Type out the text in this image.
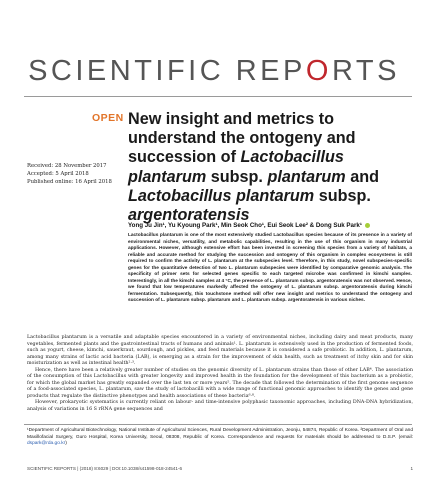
SCIENTIFIC REPORTS
OPEN New insight and metrics to
understand the ontogeny and
succession of Lactobacillus
plantarum subsp. plantarum and
Lactobacillus plantarum subsp.
argentoratensis
Received: 28 November 2017
Accepted: 5 April 2018
Published online: 16 April 2018
Yong Ju Jin¹, Yu Kyoung Park¹, Min Seok Cho¹, Eui Seok Lee² & Dong Suk Park¹
Lactobacillus plantarum is one of the most extensively studied Lactobacillus species because of its presence in a variety of environmental niches, versatility, and metabolic capabilities, resulting in the use of this organism in many industrial applications. However, although extensive effort has been invested in screening this species from a variety of habitats, a reliable and accurate method for studying the succession and ontogeny of this organism in complex ecosystems is still required to confirm the activity of L. plantarum at the subspecies level. Therefore, in this study, novel subspecies-specific genes for the quantitative detection of two L. plantarum subspecies were identified by comparative genomic analysis. The specificity of primer sets for selected genes specific to each targeted microbe was confirmed in kimchi samples. Interestingly, in all the kimchi samples at 4 °C, the presence of L. plantarum subsp. argentoratensis was not observed. Hence, we found that low temperatures markedly affected the ontogeny of L. plantarum subsp. argentoratensis during kimchi fermentation. Subsequently, this touchstone method will offer new insight and metrics to understand the ontogeny and succession of L. plantarum subsp. plantarum and L. plantarum subsp. argentoratensis in various niches.

Lactobacillus plantarum is a versatile and adaptable species encountered in a variety of environmental niches, including dairy and meat products, many vegetables, fermented plants and the gastrointestinal tracts of humans and animals¹. L. plantarum is extensively used in the production of fermented foods, such as yogurt, cheese, kimchi, sauerkraut, sourdough, and pickles, and feed materials because it is considered a safe probiotic. In addition, L. plantarum, among many strains of lactic acid bacteria (LAB), is emerging as a strain for the improvement of skin health, such as treatment of itchy skin and for skin moisturization as well as intestinal health²·³.

Hence, there have been a relatively greater number of studies on the genomic diversity of L. plantarum strains than those of other LAB⁴. The association of the consumption of this Lactobacillus with greater longevity and improved health in the foundation for the development of this bacterium as a probiotic, for which the global market has greatly expanded over the last ten or more years⁵. The decade that followed the determination of the first genome sequence of a food-associated species, L. plantarum, saw the study of lactobacilli with a wide range of functional genomic approaches to identify the genes and gene products that regulate the distinctive phenotypes and health associations of these bacteria⁶·⁸.

However, prokaryotic systematics is currently reliant on labour- and time-intensive polyphasic taxonomic approaches, including DNA-DNA hybridization, analysis of variations in 16 S rRNA gene sequences and

¹Department of Agricultural Biotechnology, National Institute of Agricultural Sciences, Rural Development Administration, Jeonju, 54874, Republic of Korea. ²Department of Oral and Maxillofacial Surgery, Guro Hospital, Korea University, Seoul, 08308, Republic of Korea. Correspondence and requests for materials should be addressed to D.S.P. (email: dspark@rda.go.kr)
SCIENTIFIC REPORTS | (2018) 8:6029 | DOI:10.1038/s41598-018-24541-6	1
